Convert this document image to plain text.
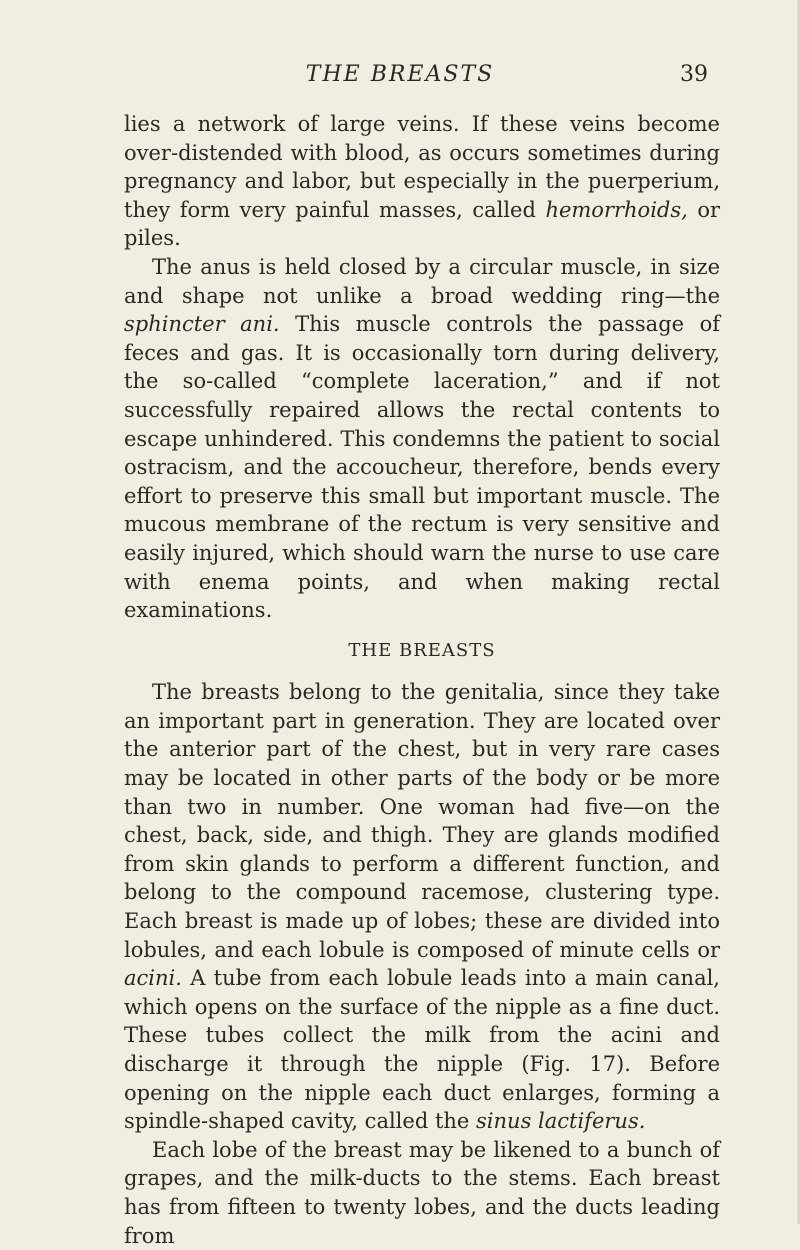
THE BREASTS	39

lies a network of large veins. If these veins become over-distended with blood, as occurs sometimes during pregnancy and labor, but especially in the puerperium, they form very painful masses, called hemorrhoids, or piles.

The anus is held closed by a circular muscle, in size and shape not unlike a broad wedding ring—the sphincter ani. This muscle controls the passage of feces and gas. It is occasionally torn during delivery, the so-called “complete laceration,” and if not successfully repaired allows the rectal contents to escape unhindered. This condemns the patient to social ostracism, and the accoucheur, therefore, bends every effort to preserve this small but important muscle. The mucous membrane of the rectum is very sensitive and easily injured, which should warn the nurse to use care with enema points, and when making rectal examinations.

THE BREASTS

The breasts belong to the genitalia, since they take an important part in generation. They are located over the anterior part of the chest, but in very rare cases may be located in other parts of the body or be more than two in number. One woman had five—on the chest, back, side, and thigh. They are glands modified from skin glands to perform a different function, and belong to the compound racemose, clustering type. Each breast is made up of lobes; these are divided into lobules, and each lobule is composed of minute cells or acini. A tube from each lobule leads into a main canal, which opens on the surface of the nipple as a fine duct. These tubes collect the milk from the acini and discharge it through the nipple (Fig. 17). Before opening on the nipple each duct enlarges, forming a spindle-shaped cavity, called the sinus lactiferus.

Each lobe of the breast may be likened to a bunch of grapes, and the milk-ducts to the stems. Each breast has from fifteen to twenty lobes, and the ducts leading from
